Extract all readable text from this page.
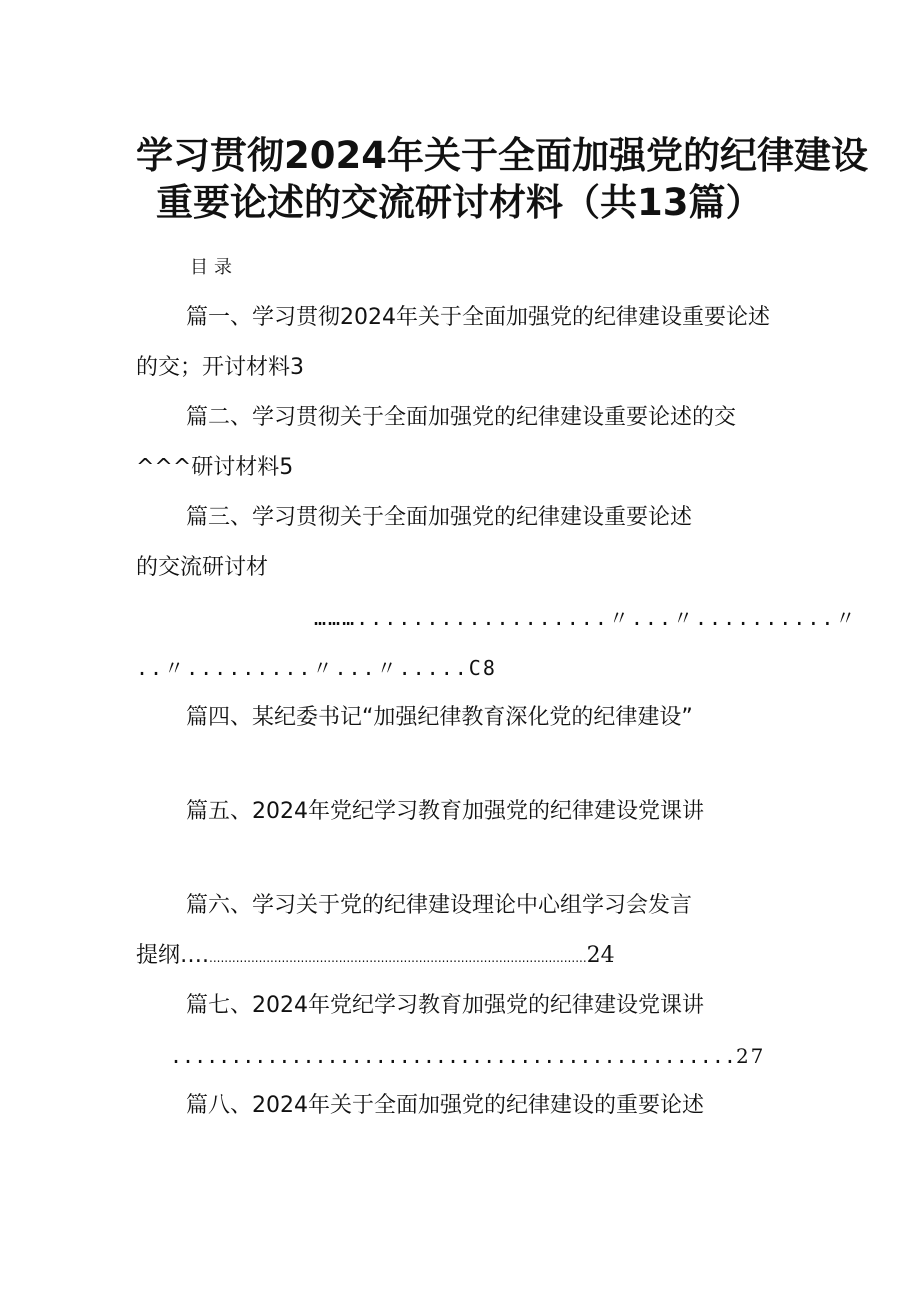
学习贯彻2024年关于全面加强党的纪律建设
重要论述的交流研讨材料（共13篇）
目录
篇一、学习贯彻2024年关于全面加强党的纪律建设重要论述
的交；开讨材料3
篇二、学习贯彻关于全面加强党的纪律建设重要论述的交
^^^研讨材料5
篇三、学习贯彻关于全面加强党的纪律建设重要论述
的交流研讨材
………..................〃...〃..........〃
..〃.........〃...〃.....C8
篇四、某纪委书记“加强纪律教育深化党的纪律建设”
篇五、2024年党纪学习教育加强党的纪律建设党课讲
篇六、学习关于党的纪律建设理论中心组学习会发言
提纲…....................................................................................................24
篇七、2024年党纪学习教育加强党的纪律建设党课讲
...............................................27
篇八、2024年关于全面加强党的纪律建设的重要论述
